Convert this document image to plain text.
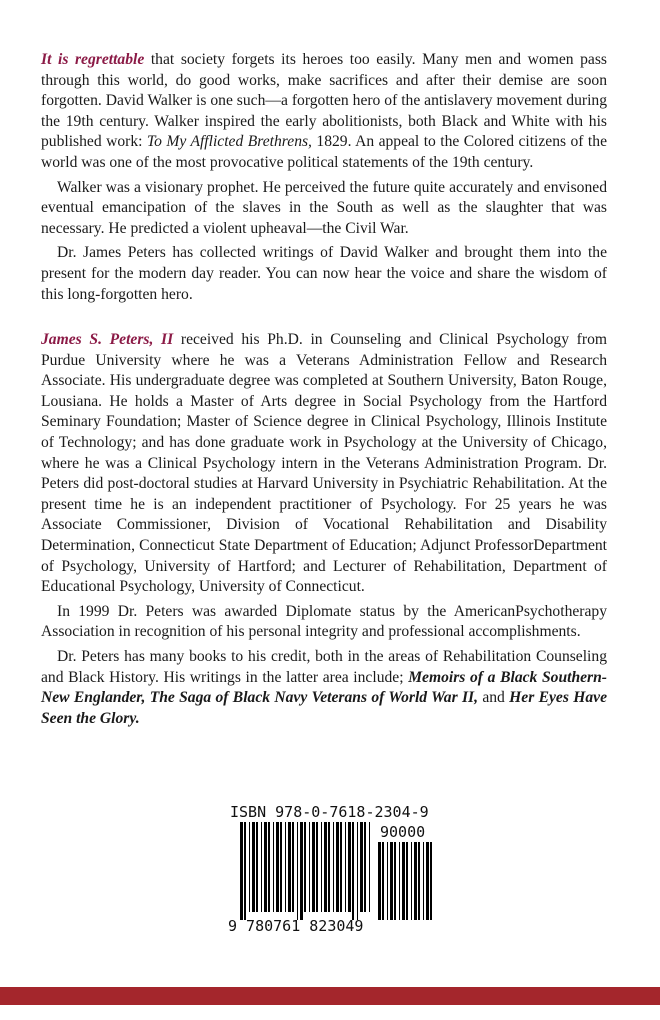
It is regrettable that society forgets its heroes too easily. Many men and women pass through this world, do good works, make sacrifices and after their demise are soon forgotten. David Walker is one such—a forgotten hero of the antislavery movement during the 19th century. Walker inspired the early abolitionists, both Black and White with his published work: To My Afflicted Brethrens, 1829. An appeal to the Colored citizens of the world was one of the most provocative political statements of the 19th century.

Walker was a visionary prophet. He perceived the future quite accurately and envisoned eventual emancipation of the slaves in the South as well as the slaughter that was necessary. He predicted a violent upheaval—the Civil War.

Dr. James Peters has collected writings of David Walker and brought them into the present for the modern day reader. You can now hear the voice and share the wisdom of this long-forgotten hero.

James S. Peters, II received his Ph.D. in Counseling and Clinical Psychology from Purdue University where he was a Veterans Administration Fellow and Research Associate. His undergraduate degree was completed at Southern University, Baton Rouge, Lousiana. He holds a Master of Arts degree in Social Psychology from the Hartford Seminary Foundation; Master of Science degree in Clinical Psychology, Illinois Institute of Technology; and has done graduate work in Psychology at the University of Chicago, where he was a Clinical Psychology intern in the Veterans Administration Program. Dr. Peters did post-doctoral studies at Harvard University in Psychiatric Rehabilitation. At the present time he is an independent practitioner of Psychology. For 25 years he was Associate Commissioner, Division of Vocational Rehabilitation and Disability Determination, Connecticut State Department of Education; Adjunct ProfessorDepartment of Psychology, University of Hartford; and Lecturer of Rehabilitation, Department of Educational Psychology, University of Connecticut.

In 1999 Dr. Peters was awarded Diplomate status by the AmericanPsychotherapy Association in recognition of his personal integrity and professional accomplishments.

Dr. Peters has many books to his credit, both in the areas of Rehabilitation Counseling and Black History. His writings in the latter area include; Memoirs of a Black Southern-New Englander, The Saga of Black Navy Veterans of World War II, and Her Eyes Have Seen the Glory.

ISBN 978-0-7618-2304-9
90000
9 780761 823049
